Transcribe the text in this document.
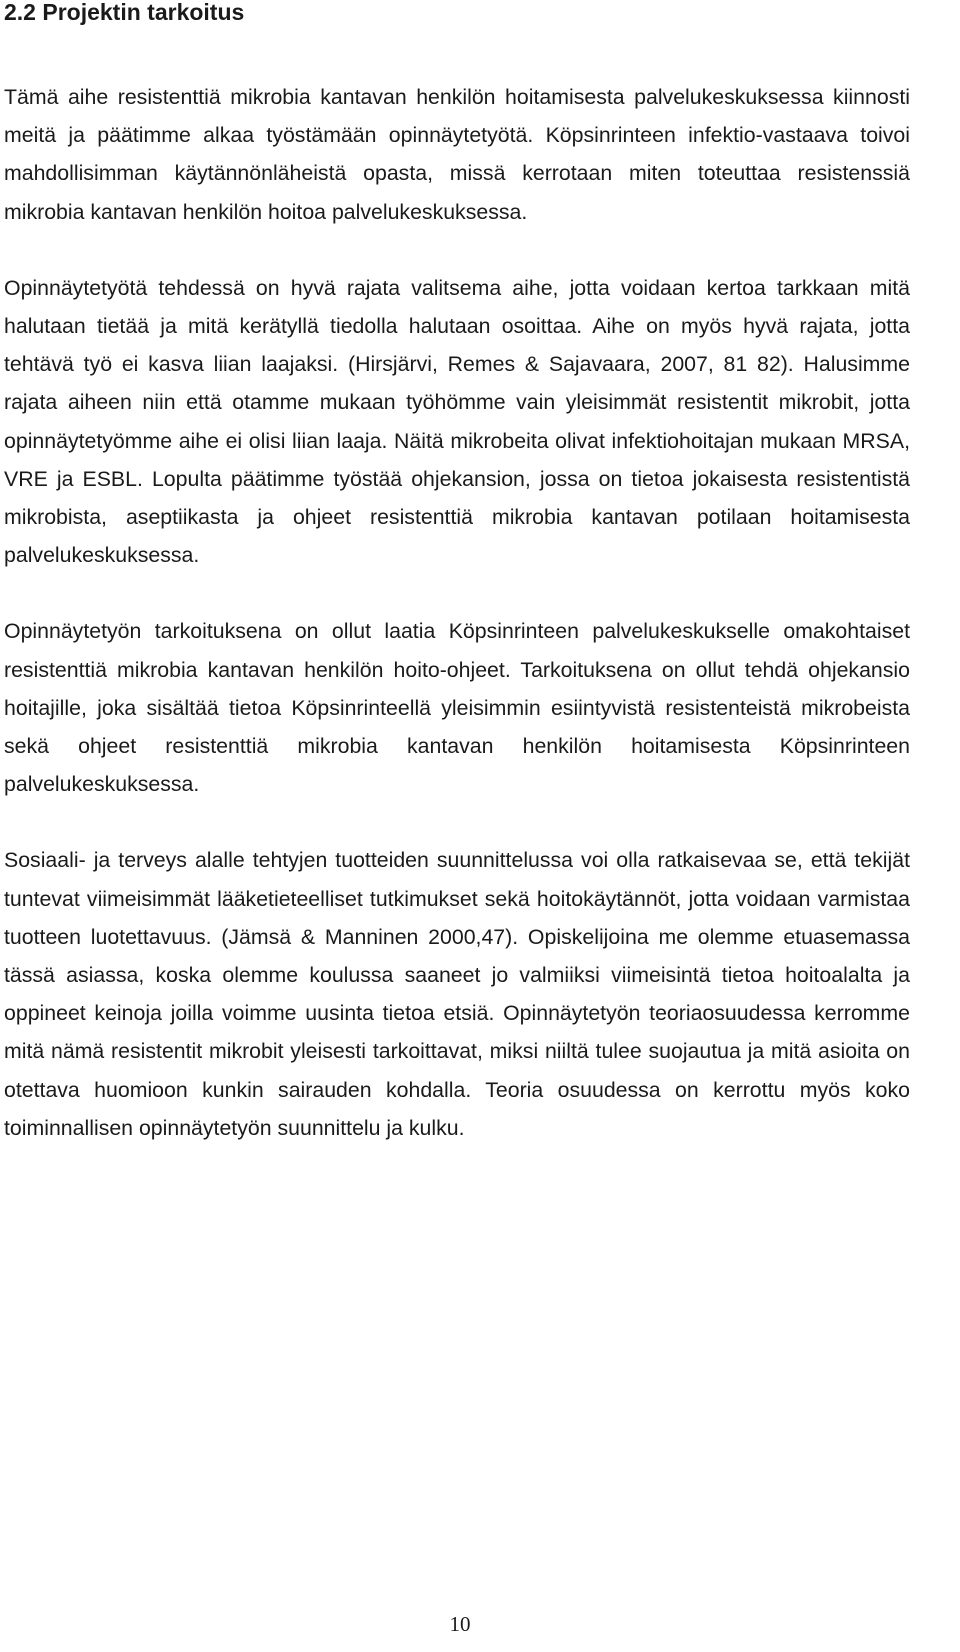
2.2 Projektin tarkoitus

Tämä aihe resistenttiä mikrobia kantavan henkilön hoitamisesta palvelukeskuksessa kiinnosti meitä ja päätimme alkaa työstämään opinnäytetyötä. Köpsinrinteen infektio-vastaava toivoi mahdollisimman käytännönläheistä opasta, missä kerrotaan miten toteuttaa resistenssiä mikrobia kantavan henkilön hoitoa palvelukeskuksessa.

Opinnäytetyötä tehdessä on hyvä rajata valitsema aihe, jotta voidaan kertoa tarkkaan mitä halutaan tietää ja mitä kerätyllä tiedolla halutaan osoittaa. Aihe on myös hyvä rajata, jotta tehtävä työ ei kasva liian laajaksi. (Hirsjärvi, Remes & Sajavaara, 2007, 81 82). Halusimme rajata aiheen niin että otamme mukaan työhömme vain yleisimmät resistentit mikrobit, jotta opinnäytetyömme aihe ei olisi liian laaja. Näitä mikrobeita olivat infektiohoitajan mukaan MRSA, VRE ja ESBL. Lopulta päätimme työstää ohjekansion, jossa on tietoa jokaisesta resistentistä mikrobista, aseptiikasta ja ohjeet resistenttiä mikrobia kantavan potilaan hoitamisesta palvelukeskuksessa.

Opinnäytetyön tarkoituksena on ollut laatia Köpsinrinteen palvelukeskukselle omakohtaiset resistenttiä mikrobia kantavan henkilön hoito-ohjeet. Tarkoituksena on ollut tehdä ohjekansio hoitajille, joka sisältää tietoa Köpsinrinteellä yleisimmin esiintyvistä resistenteistä mikrobeista sekä ohjeet resistenttiä mikrobia kantavan henkilön hoitamisesta Köpsinrinteen palvelukeskuksessa.

Sosiaali- ja terveys alalle tehtyjen tuotteiden suunnittelussa voi olla ratkaisevaa se, että tekijät tuntevat viimeisimmät lääketieteelliset tutkimukset sekä hoitokäytännöt, jotta voidaan varmistaa tuotteen luotettavuus. (Jämsä & Manninen 2000,47). Opiskelijoina me olemme etuasemassa tässä asiassa, koska olemme koulussa saaneet jo valmiiksi viimeisintä tietoa hoitoalalta ja oppineet keinoja joilla voimme uusinta tietoa etsiä. Opinnäytetyön teoriaosuudessa kerromme mitä nämä resistentit mikrobit yleisesti tarkoittavat, miksi niiltä tulee suojautua ja mitä asioita on otettava huomioon kunkin sairauden kohdalla. Teoria osuudessa on kerrottu myös koko toiminnallisen opinnäytetyön suunnittelu ja kulku.

10
